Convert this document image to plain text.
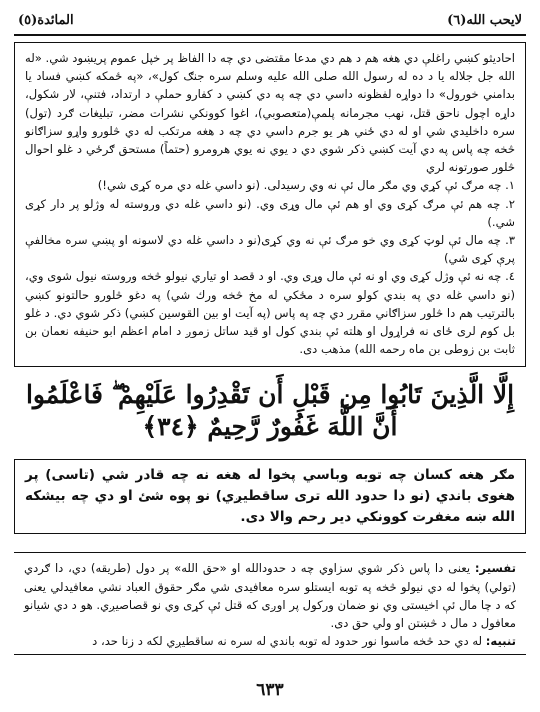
المائدة(٥)	لايحب الله(٦)

احاديثو كښي راغلې دي هغه هم د هم دي مدعا مقتضى دي چه دا الفاظ پر خپل عموم پريښود شي. «له الله جل جلاله يا د ده له رسول الله صلى الله عليه وسلم سره جنګ كول»، «په ځمكه كښي فساد يا بدامني خورول» دا دواړه لفظونه داسي دي چه په دي كښي د كفارو حملې د ارتداد، فتنې، لار شكول، داړه اچول ناحق قتل، نهب مجرمانه پلمې(متعصوبي)، اغوا كوونكي نشرات مضر، تبليغات ګرد (تول) سره داخليدي شي او له دي ځني هر يو جرم داسي دي چه د هغه مرتكب له دي څلورو واړو سزاګانو څخه چه پاس په دي آيت كښي ذكر شوي دي د يوي نه يوي هرومرو (حتماً) مستحق ګرځي د غلو احوال څلور صورتونه لري

١. چه مرګ ئې كړي وي مګر مال ئې نه وي رسيدلى. (نو داسي غله دي مره كړى شي!)

٢. چه هم ئې مرګ كړى وي او هم ئې مال وړى وي. (نو داسي غله دي وروسته له وژلو پر دار كړى شي.)

٣. چه مال ئې لوټ كړى وي خو مرګ ئې نه وي كړى(نو د داسي غله دي لاسونه او پښي سره مخالفې پرې كړى شي)

٤. چه نه ئې وژل كړى وي او نه ئې مال وړى وي. او د قصد او تياري نيولو څخه وروسته نيول شوى وي، (نو داسي غله دي په بندي كولو سره د مځكي له مخ څخه ورك شي) په دغو څلورو حالتونو كښي بالترتيب هم دا څلور سزاګاني مقرر دي چه په پاس (په آيت او بين القوسين كښي) ذكر شوي دي. د غلو بل كوم لرى ځاى نه فراړول او هلته ئې بندي كول او قيد ساتل زموږ د امام اعظم ابو حنيفه نعمان بن ثابت بن زوطى بن ماه رحمه الله) مذهب دى.

إِلَّا الَّذِينَ تَابُوا مِن قَبْلِ أَن تَقْدِرُوا عَلَيْهِمْ ۖ فَاعْلَمُوا
أَنَّ اللَّهَ غَفُورٌ رَّحِيمٌ ﴿٣٤﴾

مګر هغه كسان چه توبه وباسي پخوا له هغه نه چه قادر شي (تاسى) پر هغوى باندي (نو دا حدود الله ترى ساقطيږي) نو پوه شئ او دي چه بيشكه الله ښه مغفرت كوونكي دير رحم والا دى.

تفسير: يعنى دا پاس ذكر شوي سزاوي چه د حدودالله او «حق الله» پر دول (طريقه) دي، دا ګردي (تولي) پخوا له دي نيولو څخه په توبه ايستلو سره معافيدى شي مګر حقوق العباد نشي معافيدلي يعنى كه د چا مال ئې اخيستى وي نو ضمان وركول پر اوږى كه قتل ئې كړى وي نو قصاصيږي. هو د دي شيانو معافول د مال د څښتن او ولي حق دى.

تنبيه: له دي حد څخه ماسوا نور حدود له توبه باندي له سره نه ساقطيږي لكه د زنا حد، د

٦٣٣
